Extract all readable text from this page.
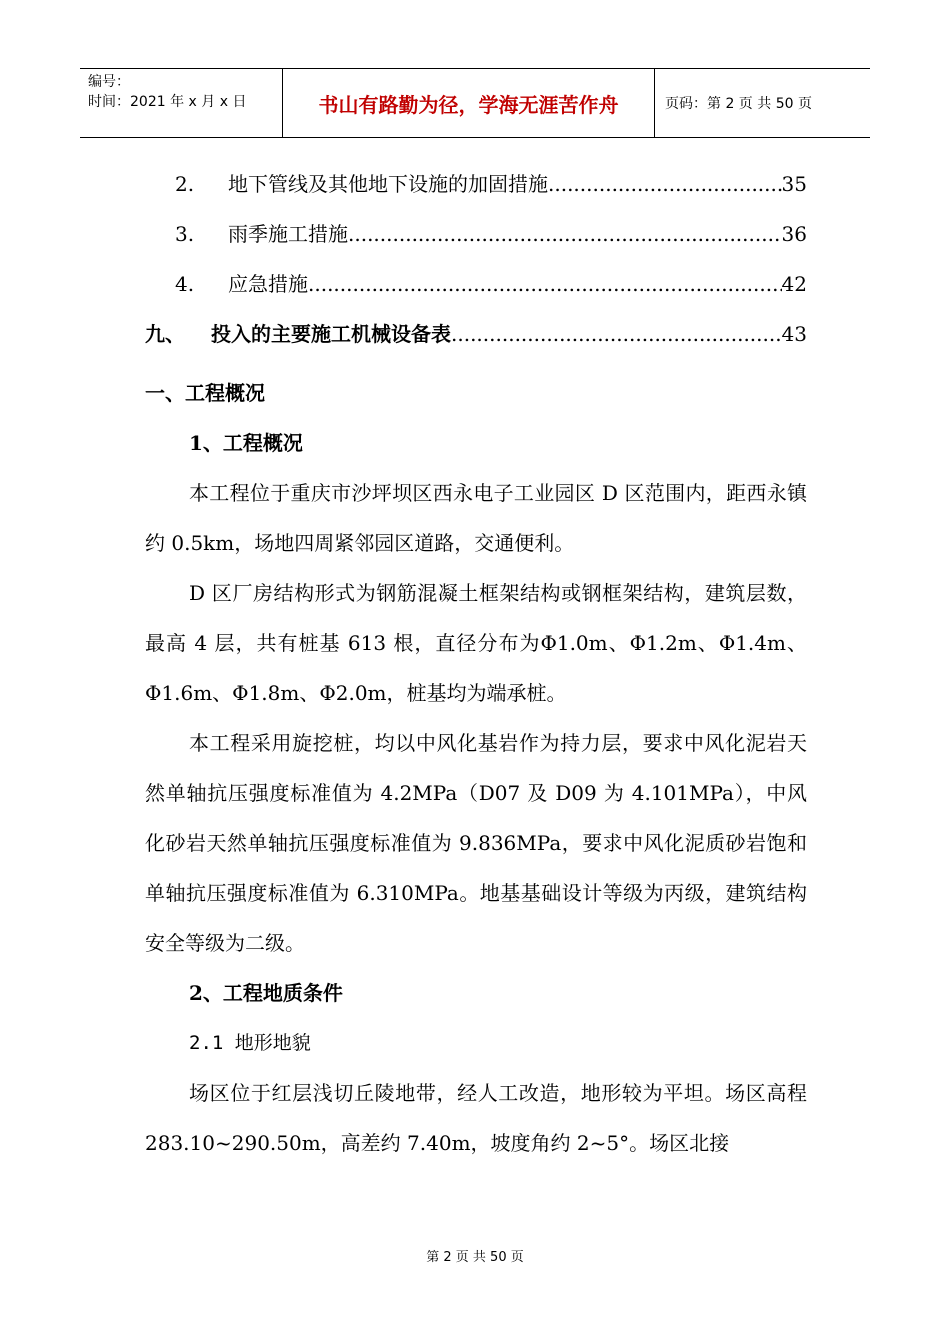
编号：
时间：2021 年 x 月 x 日	书山有路勤为径，学海无涯苦作舟	页码：第 2 页 共 50 页
2.	地下管线及其他地下设施的加固措施 .....	35
3.	雨季施工措施 .....	36
4.	应急措施 .....	42
九、	投入的主要施工机械设备表 .....	43
一、工程概况
1、工程概况

本工程位于重庆市沙坪坝区西永电子工业园区 D 区范围内，距西永镇约 0.5km，场地四周紧邻园区道路，交通便利。

D 区厂房结构形式为钢筋混凝土框架结构或钢框架结构，建筑层数，最高 4 层，共有桩基 613 根，直径分布为Φ1.0m、Φ1.2m、Φ1.4m、Φ1.6m、Φ1.8m、Φ2.0m，桩基均为端承桩。

本工程采用旋挖桩，均以中风化基岩作为持力层，要求中风化泥岩天然单轴抗压强度标准值为 4.2MPa（D07 及 D09 为 4.101MPa），中风化砂岩天然单轴抗压强度标准值为 9.836MPa，要求中风化泥质砂岩饱和单轴抗压强度标准值为 6.310MPa。地基基础设计等级为丙级，建筑结构安全等级为二级。

2、工程地质条件
2.1 地形地貌

场区位于红层浅切丘陵地带，经人工改造，地形较为平坦。场区高程 283.10~290.50m，高差约 7.40m，坡度角约 2~5°。场区北接

第 2 页 共 50 页
